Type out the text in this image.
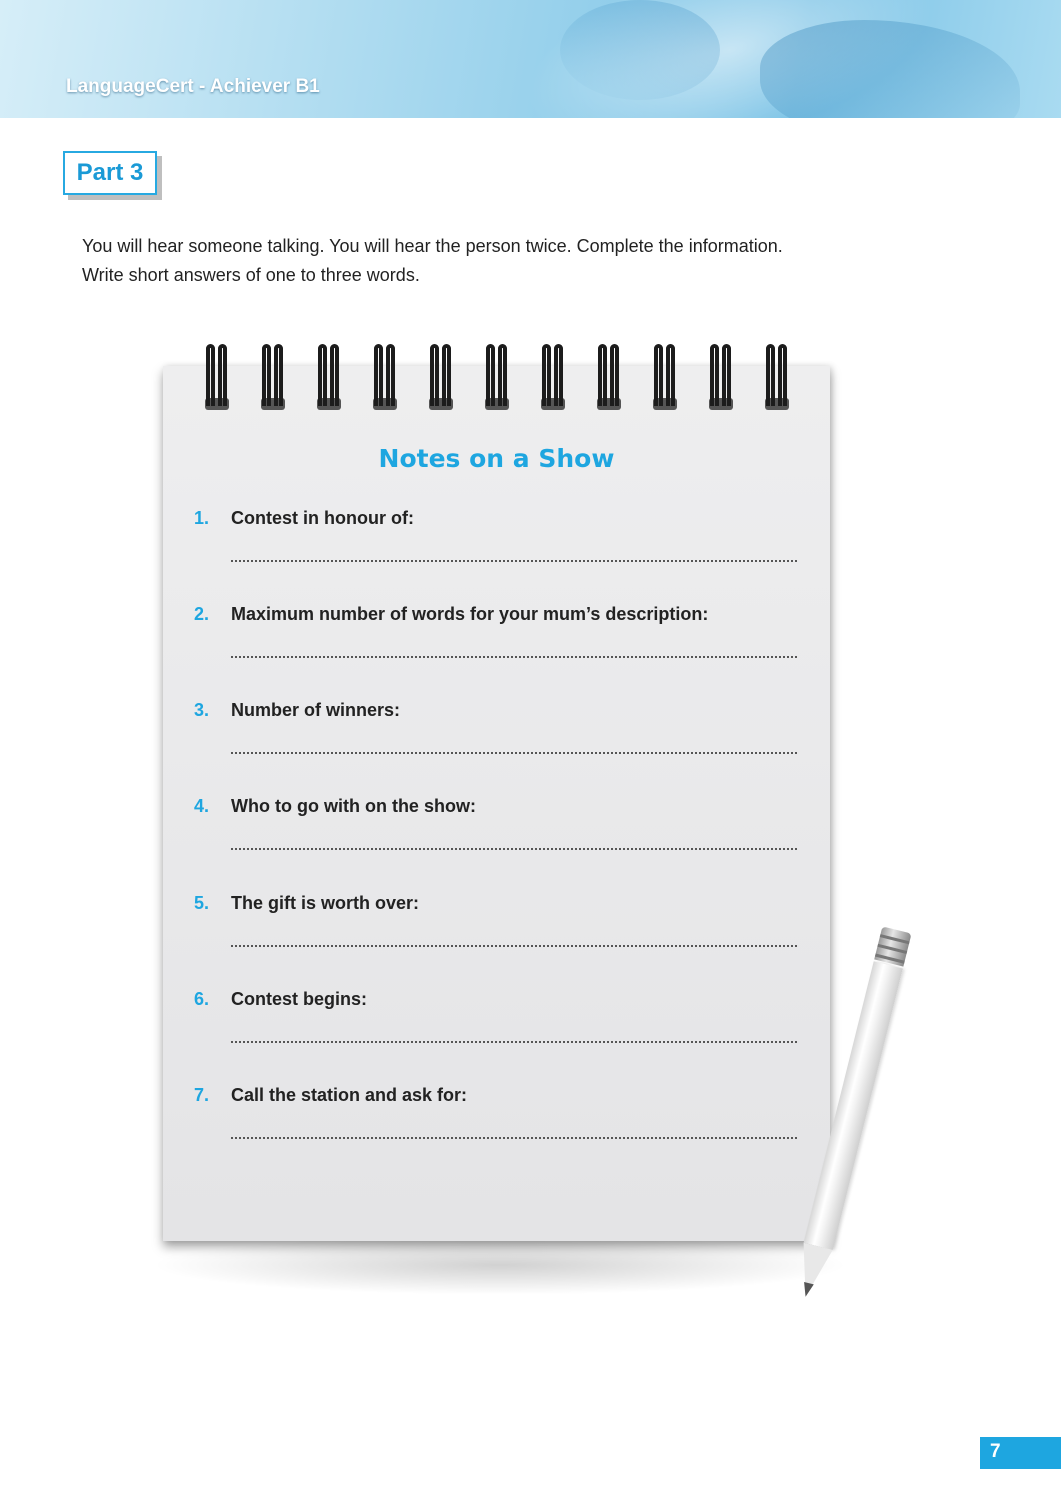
LanguageCert - Achiever B1
Part 3
You will hear someone talking. You will hear the person twice. Complete the information.
Write short answers of one to three words.
Notes on a Show
1. Contest in honour of:
2. Maximum number of words for your mum’s description:
3. Number of winners:
4. Who to go with on the show:
5. The gift is worth over:
6. Contest begins:
7. Call the station and ask for:
7
